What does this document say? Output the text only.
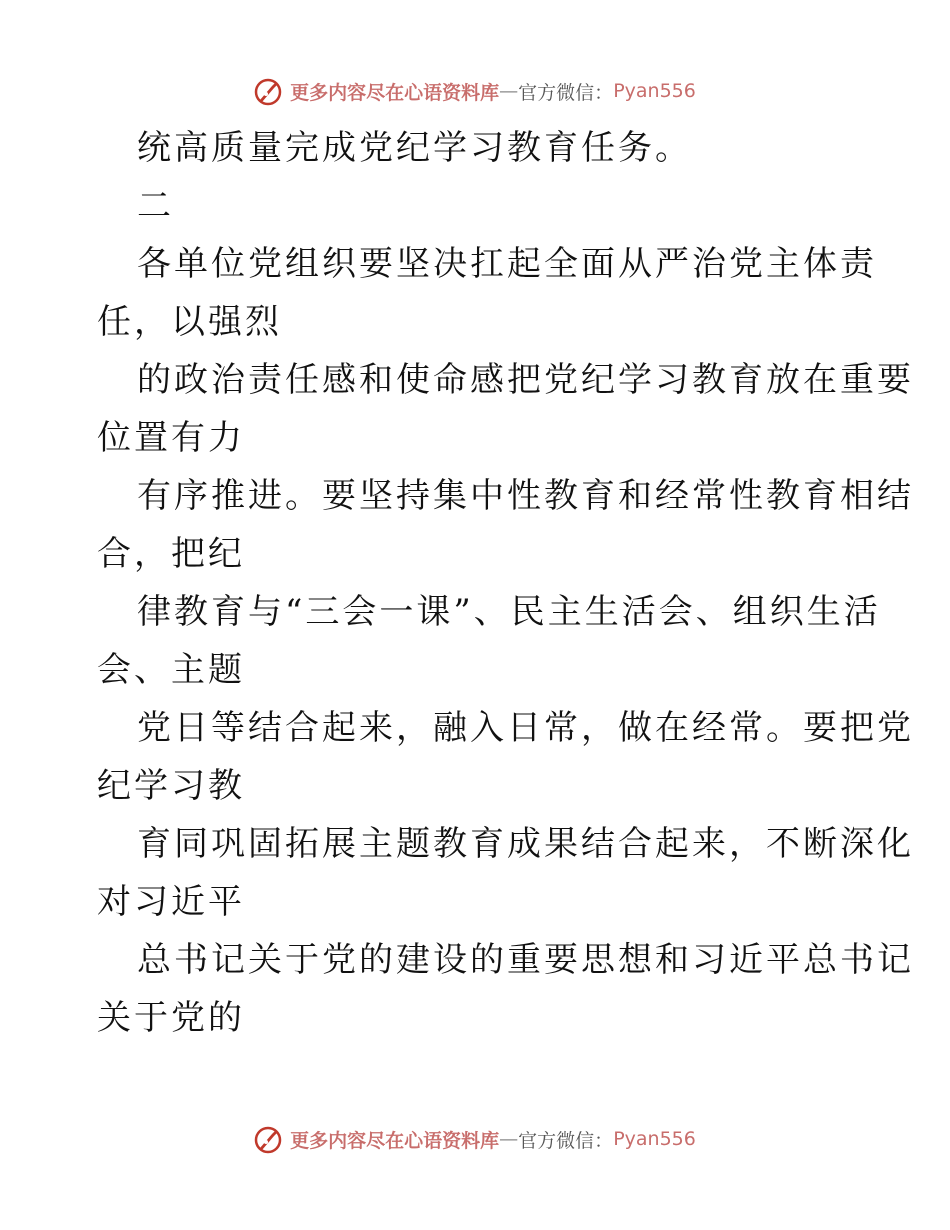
更多内容尽在心语资料库 — 官方微信： Pyan556
统高质量完成党纪学习教育任务。
二
各单位党组织要坚决扛起全面从严治党主体责
任，以强烈
的政治责任感和使命感把党纪学习教育放在重要
位置有力
有序推进。要坚持集中性教育和经常性教育相结
合，把纪
律教育与“三会一课”、民主生活会、组织生活
会、主题
党日等结合起来，融入日常，做在经常。要把党
纪学习教
育同巩固拓展主题教育成果结合起来，不断深化
对习近平
总书记关于党的建设的重要思想和习近平总书记
关于党的
更多内容尽在心语资料库 — 官方微信： Pyan556
